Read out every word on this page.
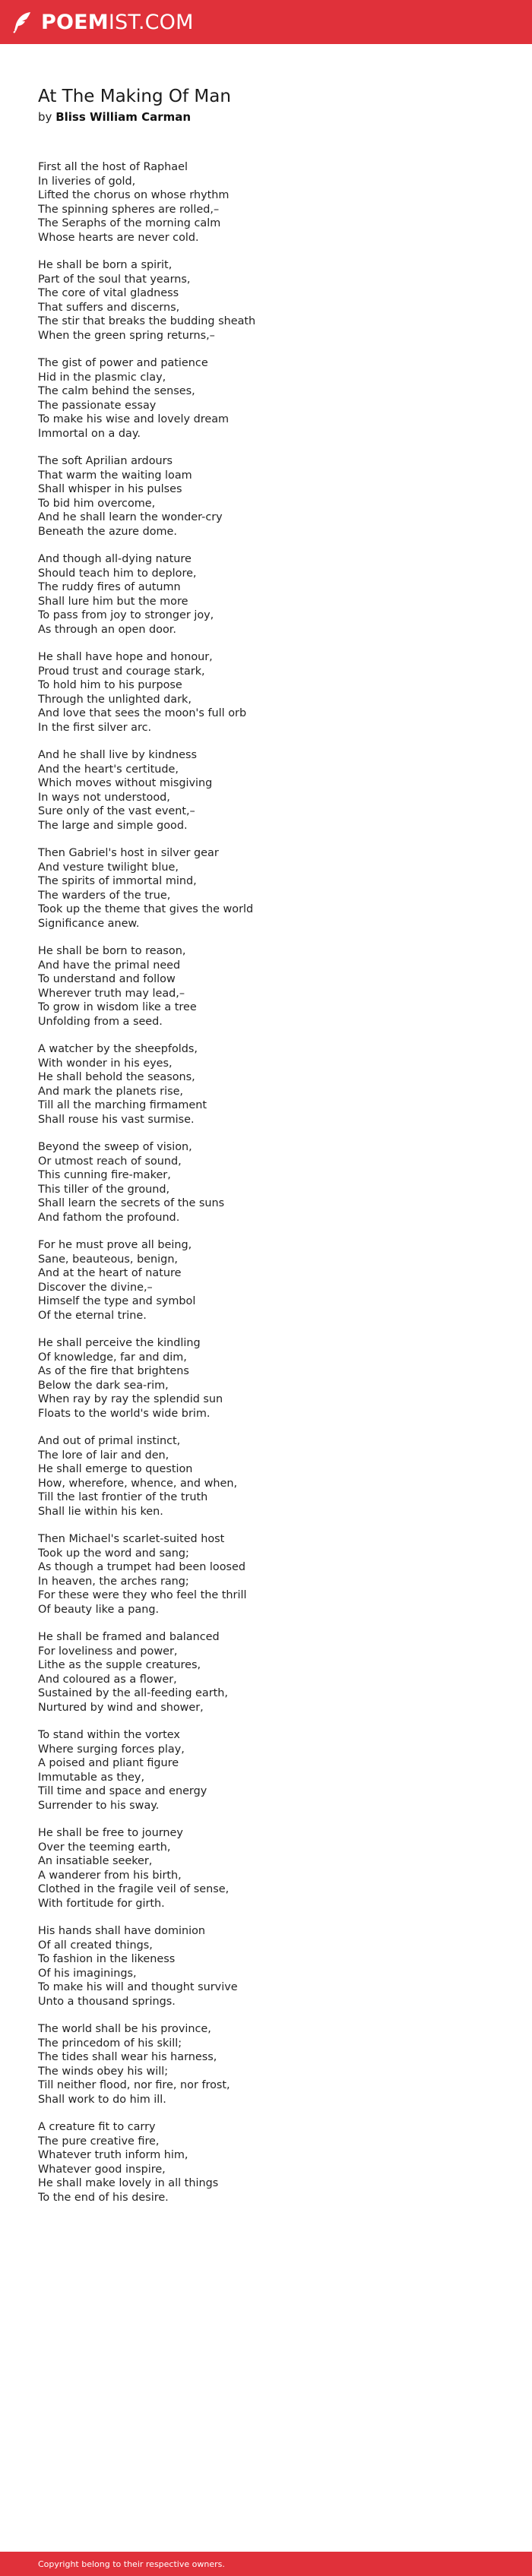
POEMIST.COM
At The Making Of Man
by Bliss William Carman
First all the host of Raphael
In liveries of gold,
Lifted the chorus on whose rhythm
The spinning spheres are rolled,–
The Seraphs of the morning calm
Whose hearts are never cold.
He shall be born a spirit,
Part of the soul that yearns,
The core of vital gladness
That suffers and discerns,
The stir that breaks the budding sheath
When the green spring returns,–
The gist of power and patience
Hid in the plasmic clay,
The calm behind the senses,
The passionate essay
To make his wise and lovely dream
Immortal on a day.
The soft Aprilian ardours
That warm the waiting loam
Shall whisper in his pulses
To bid him overcome,
And he shall learn the wonder-cry
Beneath the azure dome.
And though all-dying nature
Should teach him to deplore,
The ruddy fires of autumn
Shall lure him but the more
To pass from joy to stronger joy,
As through an open door.
He shall have hope and honour,
Proud trust and courage stark,
To hold him to his purpose
Through the unlighted dark,
And love that sees the moon's full orb
In the first silver arc.
And he shall live by kindness
And the heart's certitude,
Which moves without misgiving
In ways not understood,
Sure only of the vast event,–
The large and simple good.
Then Gabriel's host in silver gear
And vesture twilight blue,
The spirits of immortal mind,
The warders of the true,
Took up the theme that gives the world
Significance anew.
He shall be born to reason,
And have the primal need
To understand and follow
Wherever truth may lead,–
To grow in wisdom like a tree
Unfolding from a seed.
A watcher by the sheepfolds,
With wonder in his eyes,
He shall behold the seasons,
And mark the planets rise,
Till all the marching firmament
Shall rouse his vast surmise.
Beyond the sweep of vision,
Or utmost reach of sound,
This cunning fire-maker,
This tiller of the ground,
Shall learn the secrets of the suns
And fathom the profound.
For he must prove all being,
Sane, beauteous, benign,
And at the heart of nature
Discover the divine,–
Himself the type and symbol
Of the eternal trine.
He shall perceive the kindling
Of knowledge, far and dim,
As of the fire that brightens
Below the dark sea-rim,
When ray by ray the splendid sun
Floats to the world's wide brim.
And out of primal instinct,
The lore of lair and den,
He shall emerge to question
How, wherefore, whence, and when,
Till the last frontier of the truth
Shall lie within his ken.
Then Michael's scarlet-suited host
Took up the word and sang;
As though a trumpet had been loosed
In heaven, the arches rang;
For these were they who feel the thrill
Of beauty like a pang.
He shall be framed and balanced
For loveliness and power,
Lithe as the supple creatures,
And coloured as a flower,
Sustained by the all-feeding earth,
Nurtured by wind and shower,
To stand within the vortex
Where surging forces play,
A poised and pliant figure
Immutable as they,
Till time and space and energy
Surrender to his sway.
He shall be free to journey
Over the teeming earth,
An insatiable seeker,
A wanderer from his birth,
Clothed in the fragile veil of sense,
With fortitude for girth.
His hands shall have dominion
Of all created things,
To fashion in the likeness
Of his imaginings,
To make his will and thought survive
Unto a thousand springs.
The world shall be his province,
The princedom of his skill;
The tides shall wear his harness,
The winds obey his will;
Till neither flood, nor fire, nor frost,
Shall work to do him ill.
A creature fit to carry
The pure creative fire,
Whatever truth inform him,
Whatever good inspire,
He shall make lovely in all things
To the end of his desire.
Copyright belong to their respective owners.
